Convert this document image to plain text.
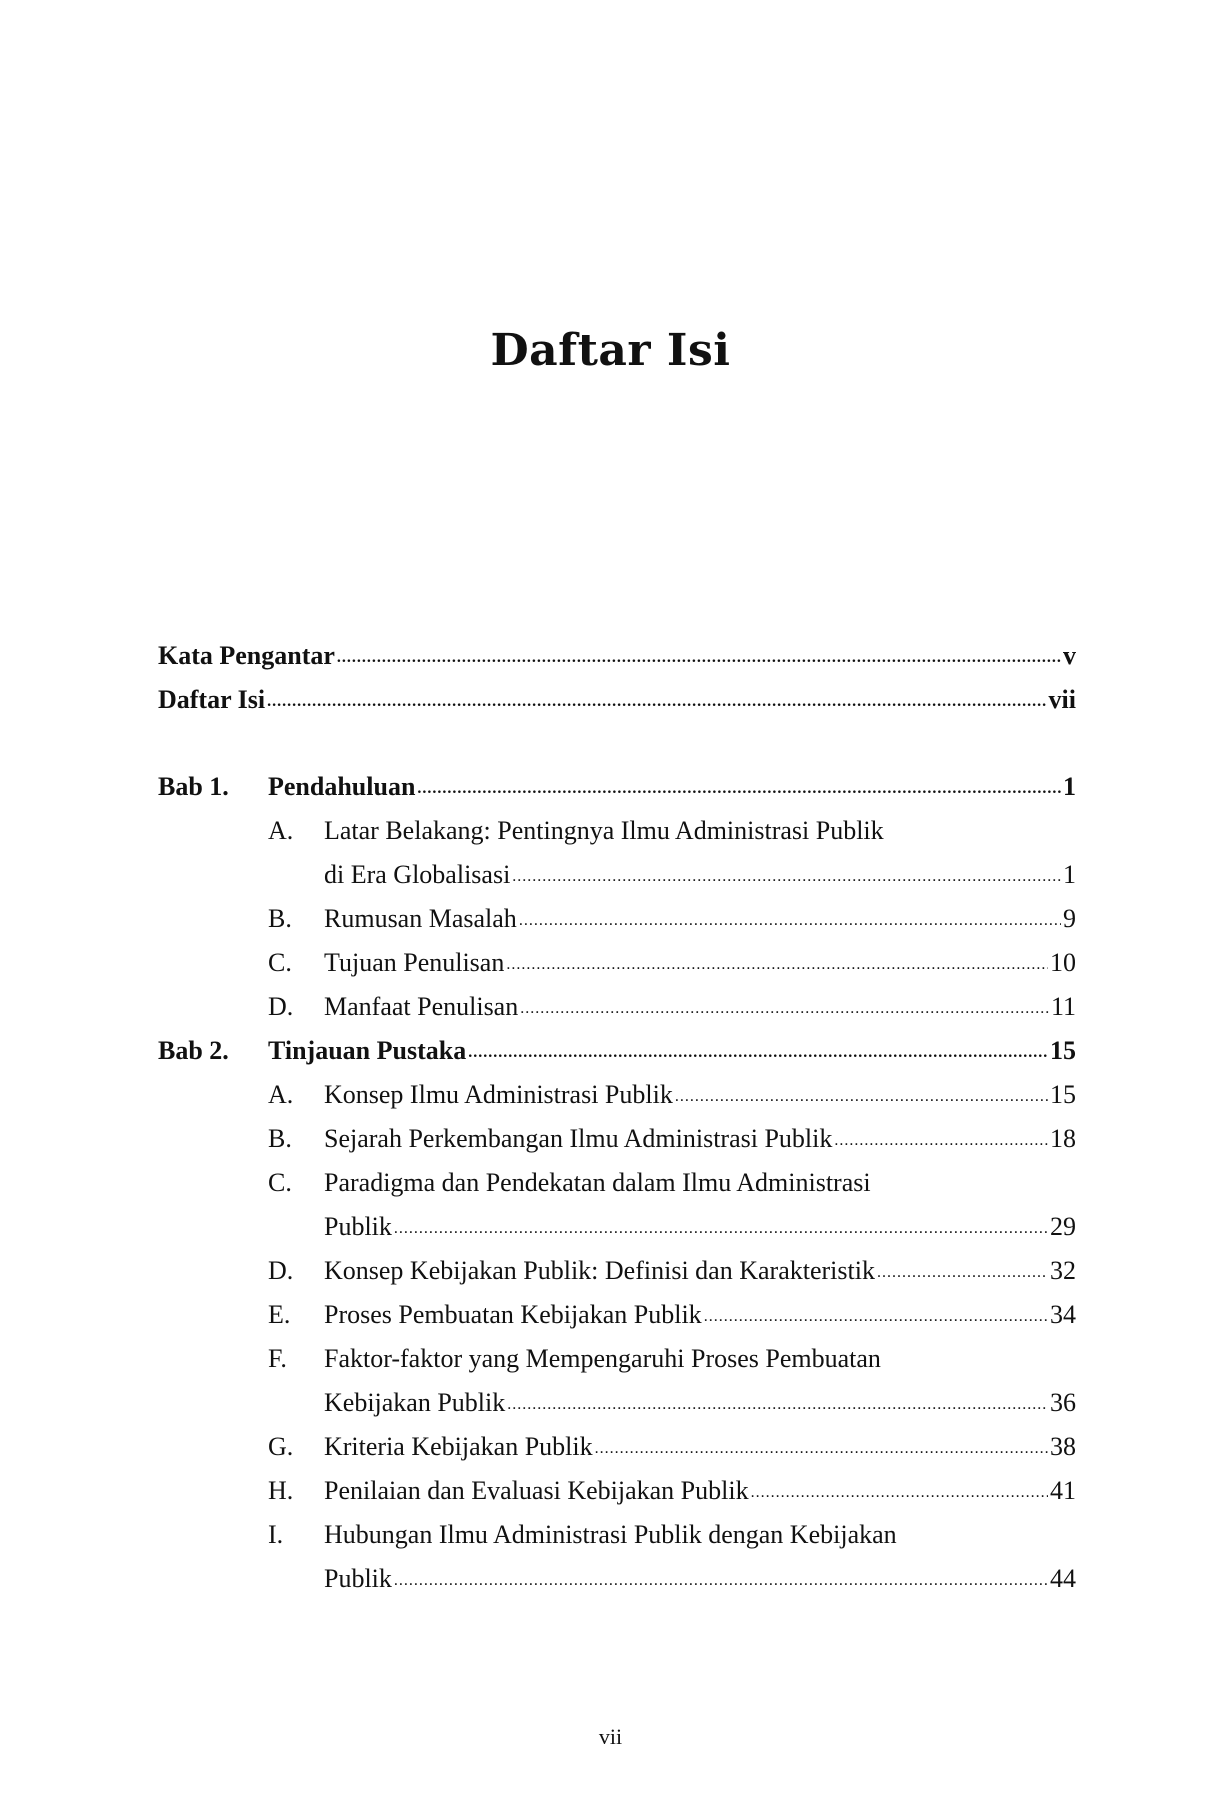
Daftar Isi
Kata Pengantar .....	v
Daftar Isi .....	vii
Bab 1.	Pendahuluan .....	1
A.	Latar Belakang: Pentingnya Ilmu Administrasi Publik
di Era Globalisasi .....	1
B.	Rumusan Masalah .....	9
C.	Tujuan Penulisan .....	10
D.	Manfaat Penulisan .....	11
Bab 2.	Tinjauan Pustaka .....	15
A.	Konsep Ilmu Administrasi Publik .....	15
B.	Sejarah Perkembangan Ilmu Administrasi Publik .....	18
C.	Paradigma dan Pendekatan dalam Ilmu Administrasi
Publik .....	29
D.	Konsep Kebijakan Publik: Definisi dan Karakteristik .....	32
E.	Proses Pembuatan Kebijakan Publik .....	34
F.	Faktor-faktor yang Mempengaruhi Proses Pembuatan
Kebijakan Publik .....	36
G.	Kriteria Kebijakan Publik .....	38
H.	Penilaian dan Evaluasi Kebijakan Publik .....	41
I.	Hubungan Ilmu Administrasi Publik dengan Kebijakan
Publik .....	44
vii
